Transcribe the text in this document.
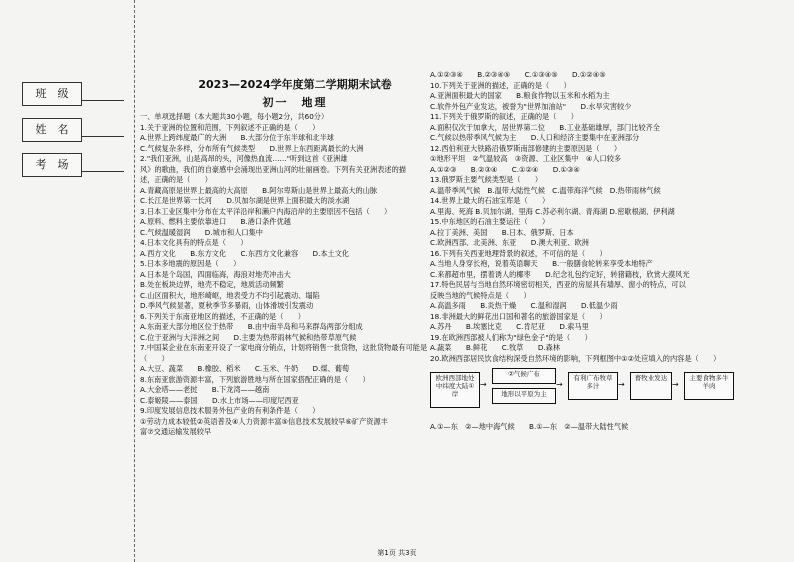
班　级
姓　名
考　场
2023—2024学年度第二学期期末试卷
初一　地理

一、单项选择题（本大题共30小题，每小题2分，共60分）

1.关于亚洲的位置和范围，下列叙述不正确的是（　　）

A.世界上跨纬度最广的大洲　　B.大部分位于东半球和北半球

C.气候复杂多样，分布所有气候类型　　D.世界上东西距离最长的大洲

2."我们亚洲，山是高昂的头，河像热血流……"听到这首《亚洲雄

风》的歌曲，我们的自豪感中会涌现出亚洲山河的壮丽画卷。下列有关亚洲表述的描

述，正确的是（　　）

A.青藏高原是世界上最高的大高原　　B.阿尔卑斯山是世界上最高大的山脉

C.长江是世界第一长河　　D.贝加尔湖是世界上面积最大的淡水湖

3.日本工业区集中分布在太平洋沿岸和濑户内海沿岸的主要原因不包括（　　）

A.原料、燃料主要依靠进口　　B.港口条件优越

C.气候温暖湿润　　D.城市和人口集中

4.日本文化具有的特点是（　　）

A.西方文化　　B.东方文化　　C.东西方文化兼容　　D.本土文化

5.日本多地震的原因是（　　）

A.日本是个岛国，四面临海，海浪对地壳冲击大

B.处在板块边界，地壳不稳定，地质活动频繁

C.山区面积大，地形崎岖，地表受力不均引起震动、塌陷

D.季风气候显著，夏秋季节多暴雨，山体滑坡引发震动

6.下列关于东南亚地区的描述，不正确的是（　　）

A.东南亚大部分地区位于热带　　B.由中南半岛和马来群岛两部分组成

C.位于亚洲与大洋洲之间　　D.主要为热带雨林气候和热带草原气候

7.中国某企业在东南亚开设了一家电商分销点，计划将销售一批货物，这批货物最有可能是（　　）

A.大豆、蔬菜　　B.橡胶、稻米　　C.玉米、牛奶　　D.煤、葡萄

8.东南亚旅游资源丰富，下列旅游胜地与所在国家搭配正确的是（　　）

A.大金塔——老挝　　B.下龙湾——越南

C.泰姬陵——泰国　　D.水上市场——印度尼西亚

9.印度发展信息技术服务外包产业的有利条件是（　　）

①劳动力成本较低②英语普及④人力资源丰富⑤信息技术发展较早⑥矿产资源丰

富⑦交通运输发展较早

A.①②③④　　B.②③④⑤　　C.①③④⑤　　D.①②④⑤

10.下列关于亚洲的描述，正确的是（　　）

A.亚洲面积最大的国家　　B.粮食作物以玉米和水稻为主

C.软件外包产业发达，被誉为"世界加油站"　　D.水旱灾害较少

11.下列关于俄罗斯的叙述，正确的是（　　）

A.面积仅次于加拿大，居世界第二位　　B.工业基础雄厚，部门比较齐全

C.气候以热带季风气候为主　　D.人口和经济主要集中在亚洲部分

12.西伯利亚大铁路沿俄罗斯南部修建的主要原因是（　　）

①地形平坦　②气温较高　③资源、工业区集中　④人口较多

A.①②③　　B.②③④　　C.①②④　　D.①③④

13.俄罗斯主要气候类型是（　　）

A.温带季风气候　B.温带大陆性气候　C.温带海洋气候　D.热带雨林气候

14.世界上最大的石油宝库是（　　）

A.里海、死海 B.贝加尔湖、里海 C.苏必利尔湖、青海湖 D.密歇根湖、伊利湖

15.中东地区的石油主要运往（　　）

A.拉丁美洲、美国　　B.日本、俄罗斯、日本

C.欧洲西部、北美洲、东亚　　D.澳大利亚、欧洲

16.下列有关西亚地理背景的叙述，不可信的是（　　）

A.当地人身穿长袍，说着英语聊天　　B.一般膳食轮转来享受本地特产

C.来都超市里，摆着诱人的椰枣　　D.纪念礼包约定好，转猪籍枝，欣赏大漠风光

17.特色民居与当地自然环境密切相关，西亚的房屋具有墙厚、窗小的特点，可以

反映当地的气候特点是（　　）

A.高温多雨　　B.炎热干燥　　C.温和湿润　　D.低温少雨

18.非洲最大的鲜花出口国和著名的旅游国家是（　　）

A.苏丹　　B.埃塞比克　　C.肯尼亚　　D.索马里

19.在欧洲西部被人们称为"绿色金子"的是（　　）

A.蔬菜　　B.鲜花　　C.牧草　　D.森林

20.欧洲西部居民饮食结构深受自然环境的影响，下列框图中①②处应填入的内容是（　　）

欧洲西部地处中纬度大陆①岸
→
②气候广布
地形以平原为主
→
有利广布牧草多汁	→
畜牧业发达
→
主要食物多牛羊肉

A.①—东　②—地中海气候　　B.①—东　②—温带大陆性气候

第1页 共3页
